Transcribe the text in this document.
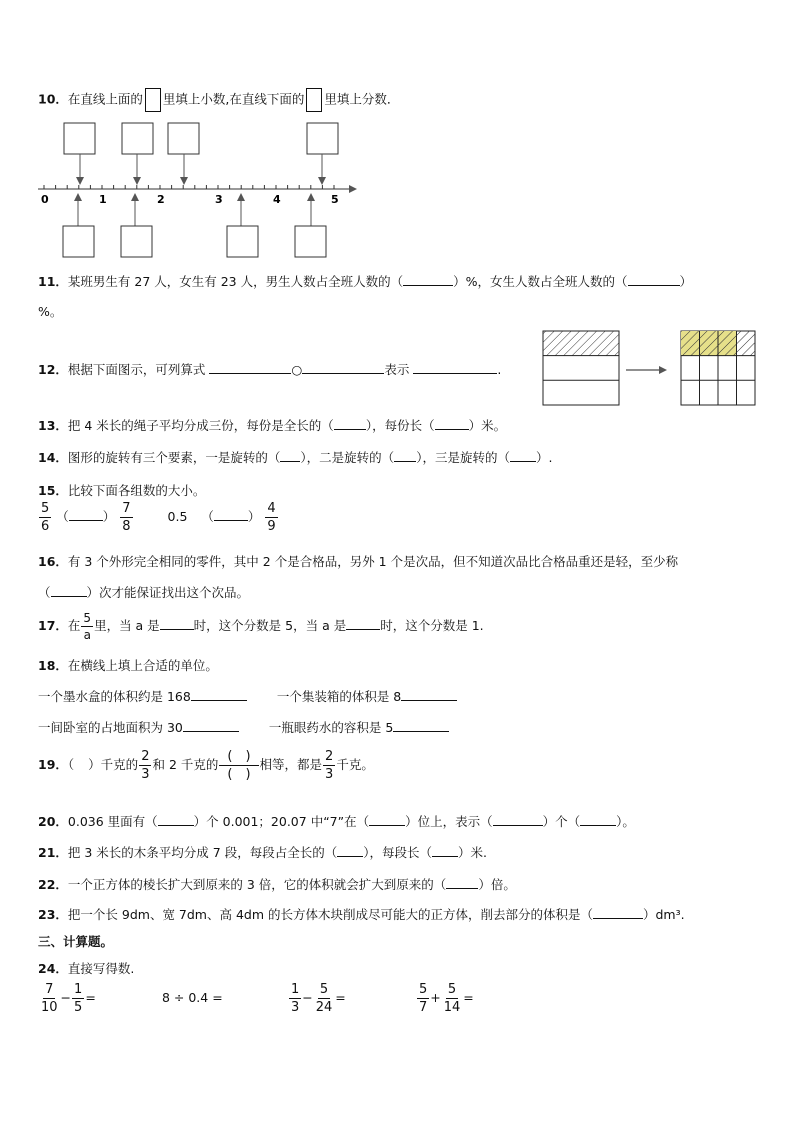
10．在直线上面的 里填上小数,在直线下面的 里填上分数．
0	1	2	3	4	5
11．某班男生有 27 人，女生有 23 人，男生人数占全班人数的（	）%，女生人数占全班人数的（	）
%。
12．根据下面图示，可列算式	○	表示	.
13．把 4 米长的绳子平均分成三份，每份是全长的（	），每份长（	）米。
14．图形的旋转有三个要素，一是旋转的（ ），二是旋转的（ ），三是旋转的（ ）.
15．比较下面各组数的大小。
$\frac{5}{6}$ （	） $\frac{7}{8}$	0.5 （	） $\frac{4}{9}$
16．有 3 个外形完全相同的零件，其中 2 个是合格品，另外 1 个是次品，但不知道次品比合格品重还是轻，至少称
（	）次才能保证找出这个次品。
17．在 $\frac{5}{a}$ 里，当 a 是	时，这个分数是 5，当 a 是	时，这个分数是 1.
18．在横线上填上合适的单位。
一个墨水盒的体积约是 168	一个集装箱的体积是 8
一间卧室的占地面积为 30	一瓶眼药水的容积是 5
19．（ ）千克的 $\frac{2}{3}$ 和 2 千克的 $\frac{( )}{( )}$ 相等，都是 $\frac{2}{3}$ 千克。
20．0.036 里面有（	）个 0.001；20.07 中“7”在（	）位上，表示（	）个（	）。
21．把 3 米长的木条平均分成 7 段，每段占全长的（ ），每段长（ ）米.
22．一个正方体的棱长扩大到原来的 3 倍，它的体积就会扩大到原来的（	）倍。
23．把一个长 9dm、宽 7dm、高 4dm 的长方体木块削成尽可能大的正方体，削去部分的体积是（	）dm³.
三、计算题。
24．直接写得数.
$\frac{7}{10} - \frac{1}{5}$ =	8 ÷ 0.4 =	$\frac{1}{3} - \frac{5}{24}$ =	$\frac{5}{7} + \frac{5}{14}$ =
